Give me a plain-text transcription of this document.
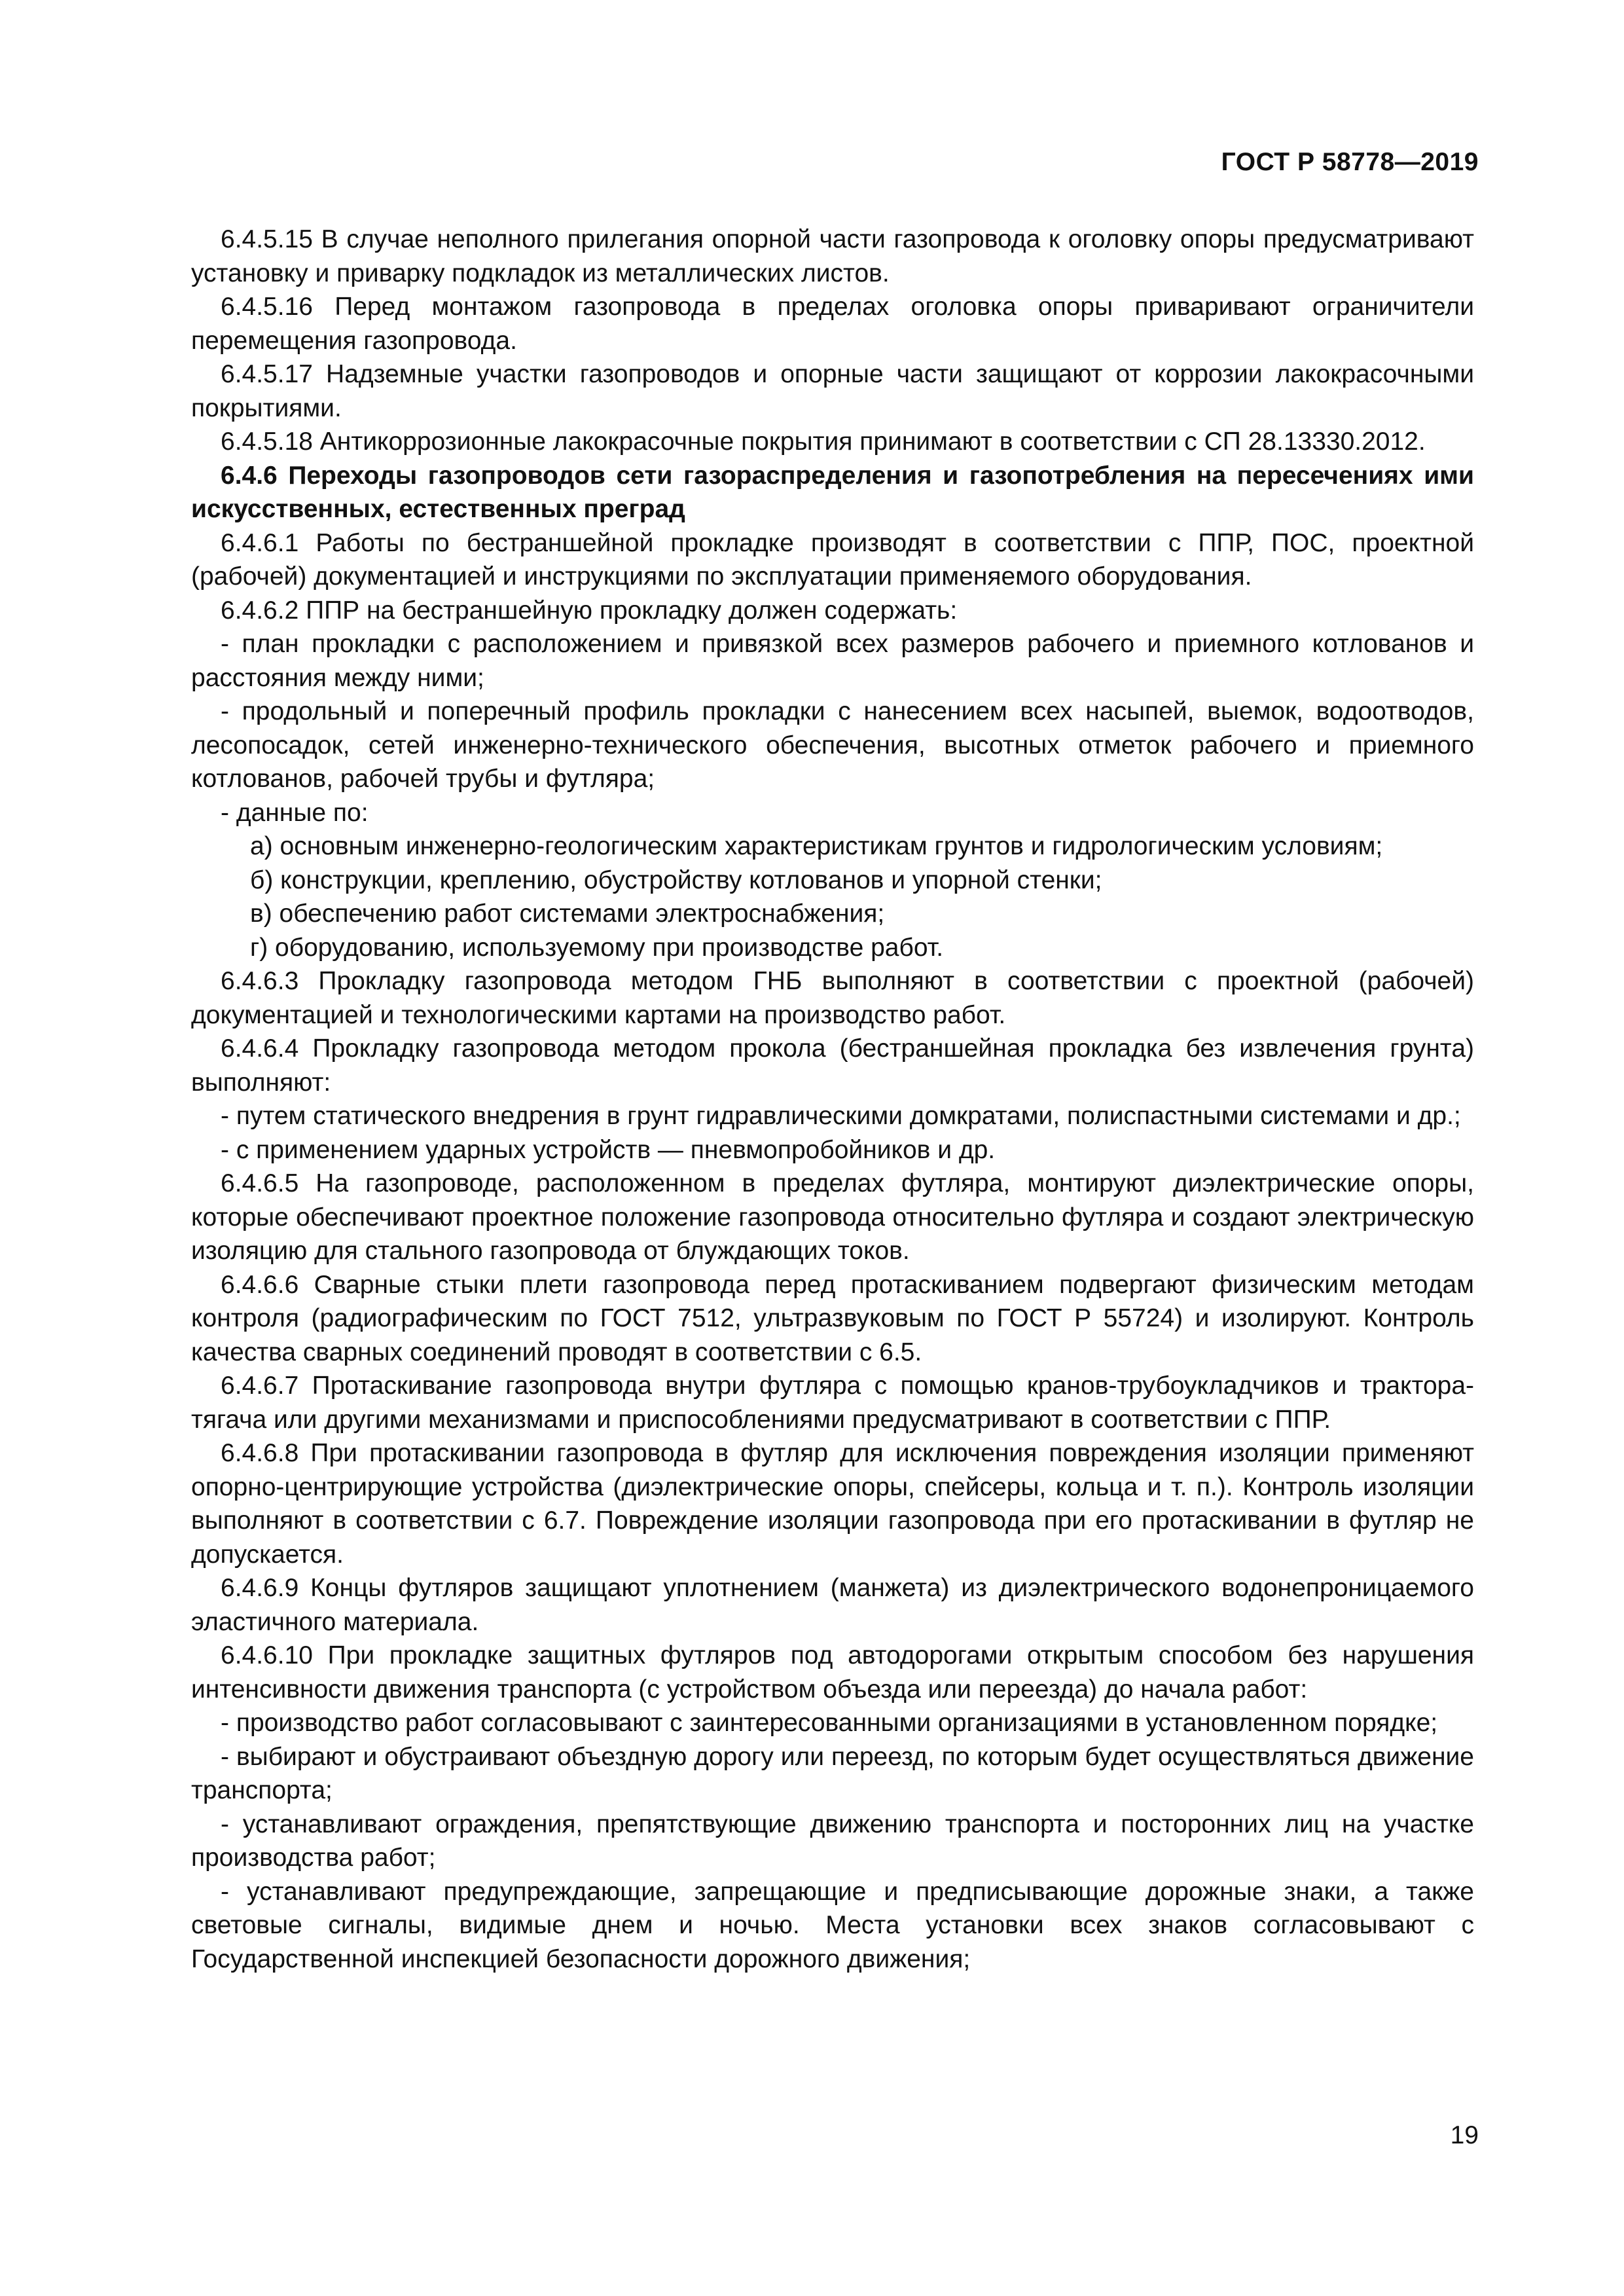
ГОСТ Р 58778—2019

6.4.5.15 В случае неполного прилегания опорной части газопровода к оголовку опоры предусматривают установку и приварку подкладок из металлических листов.

6.4.5.16 Перед монтажом газопровода в пределах оголовка опоры приваривают ограничители перемещения газопровода.

6.4.5.17 Надземные участки газопроводов и опорные части защищают от коррозии лакокрасочными покрытиями.

6.4.5.18 Антикоррозионные лакокрасочные покрытия принимают в соответствии с СП 28.13330.2012.

6.4.6 Переходы газопроводов сети газораспределения и газопотребления на пересечениях ими искусственных, естественных преград

6.4.6.1 Работы по бестраншейной прокладке производят в соответствии с ППР, ПОС, проектной (рабочей) документацией и инструкциями по эксплуатации применяемого оборудования.

6.4.6.2 ППР на бестраншейную прокладку должен содержать:

- план прокладки с расположением и привязкой всех размеров рабочего и приемного котлованов и расстояния между ними;

- продольный и поперечный профиль прокладки с нанесением всех насыпей, выемок, водоотводов, лесопосадок, сетей инженерно-технического обеспечения, высотных отметок рабочего и приемного котлованов, рабочей трубы и футляра;

- данные по:

а) основным инженерно-геологическим характеристикам грунтов и гидрологическим условиям;

б) конструкции, креплению, обустройству котлованов и упорной стенки;

в) обеспечению работ системами электроснабжения;

г) оборудованию, используемому при производстве работ.

6.4.6.3 Прокладку газопровода методом ГНБ выполняют в соответствии с проектной (рабочей) документацией и технологическими картами на производство работ.

6.4.6.4 Прокладку газопровода методом прокола (бестраншейная прокладка без извлечения грунта) выполняют:

- путем статического внедрения в грунт гидравлическими домкратами, полиспастными системами и др.;

- с применением ударных устройств — пневмопробойников и др.

6.4.6.5 На газопроводе, расположенном в пределах футляра, монтируют диэлектрические опоры, которые обеспечивают проектное положение газопровода относительно футляра и создают электрическую изоляцию для стального газопровода от блуждающих токов.

6.4.6.6 Сварные стыки плети газопровода перед протаскиванием подвергают физическим методам контроля (радиографическим по ГОСТ 7512, ультразвуковым по ГОСТ Р 55724) и изолируют. Контроль качества сварных соединений проводят в соответствии с 6.5.

6.4.6.7 Протаскивание газопровода внутри футляра с помощью кранов-трубоукладчиков и трактора-тягача или другими механизмами и приспособлениями предусматривают в соответствии с ППР.

6.4.6.8 При протаскивании газопровода в футляр для исключения повреждения изоляции применяют опорно-центрирующие устройства (диэлектрические опоры, спейсеры, кольца и т. п.). Контроль изоляции выполняют в соответствии с 6.7. Повреждение изоляции газопровода при его протаскивании в футляр не допускается.

6.4.6.9 Концы футляров защищают уплотнением (манжета) из диэлектрического водонепроницаемого эластичного материала.

6.4.6.10 При прокладке защитных футляров под автодорогами открытым способом без нарушения интенсивности движения транспорта (с устройством объезда или переезда) до начала работ:

- производство работ согласовывают с заинтересованными организациями в установленном порядке;

- выбирают и обустраивают объездную дорогу или переезд, по которым будет осуществляться движение транспорта;

- устанавливают ограждения, препятствующие движению транспорта и посторонних лиц на участке производства работ;

- устанавливают предупреждающие, запрещающие и предписывающие дорожные знаки, а также световые сигналы, видимые днем и ночью. Места установки всех знаков согласовывают с Государственной инспекцией безопасности дорожного движения;

19
